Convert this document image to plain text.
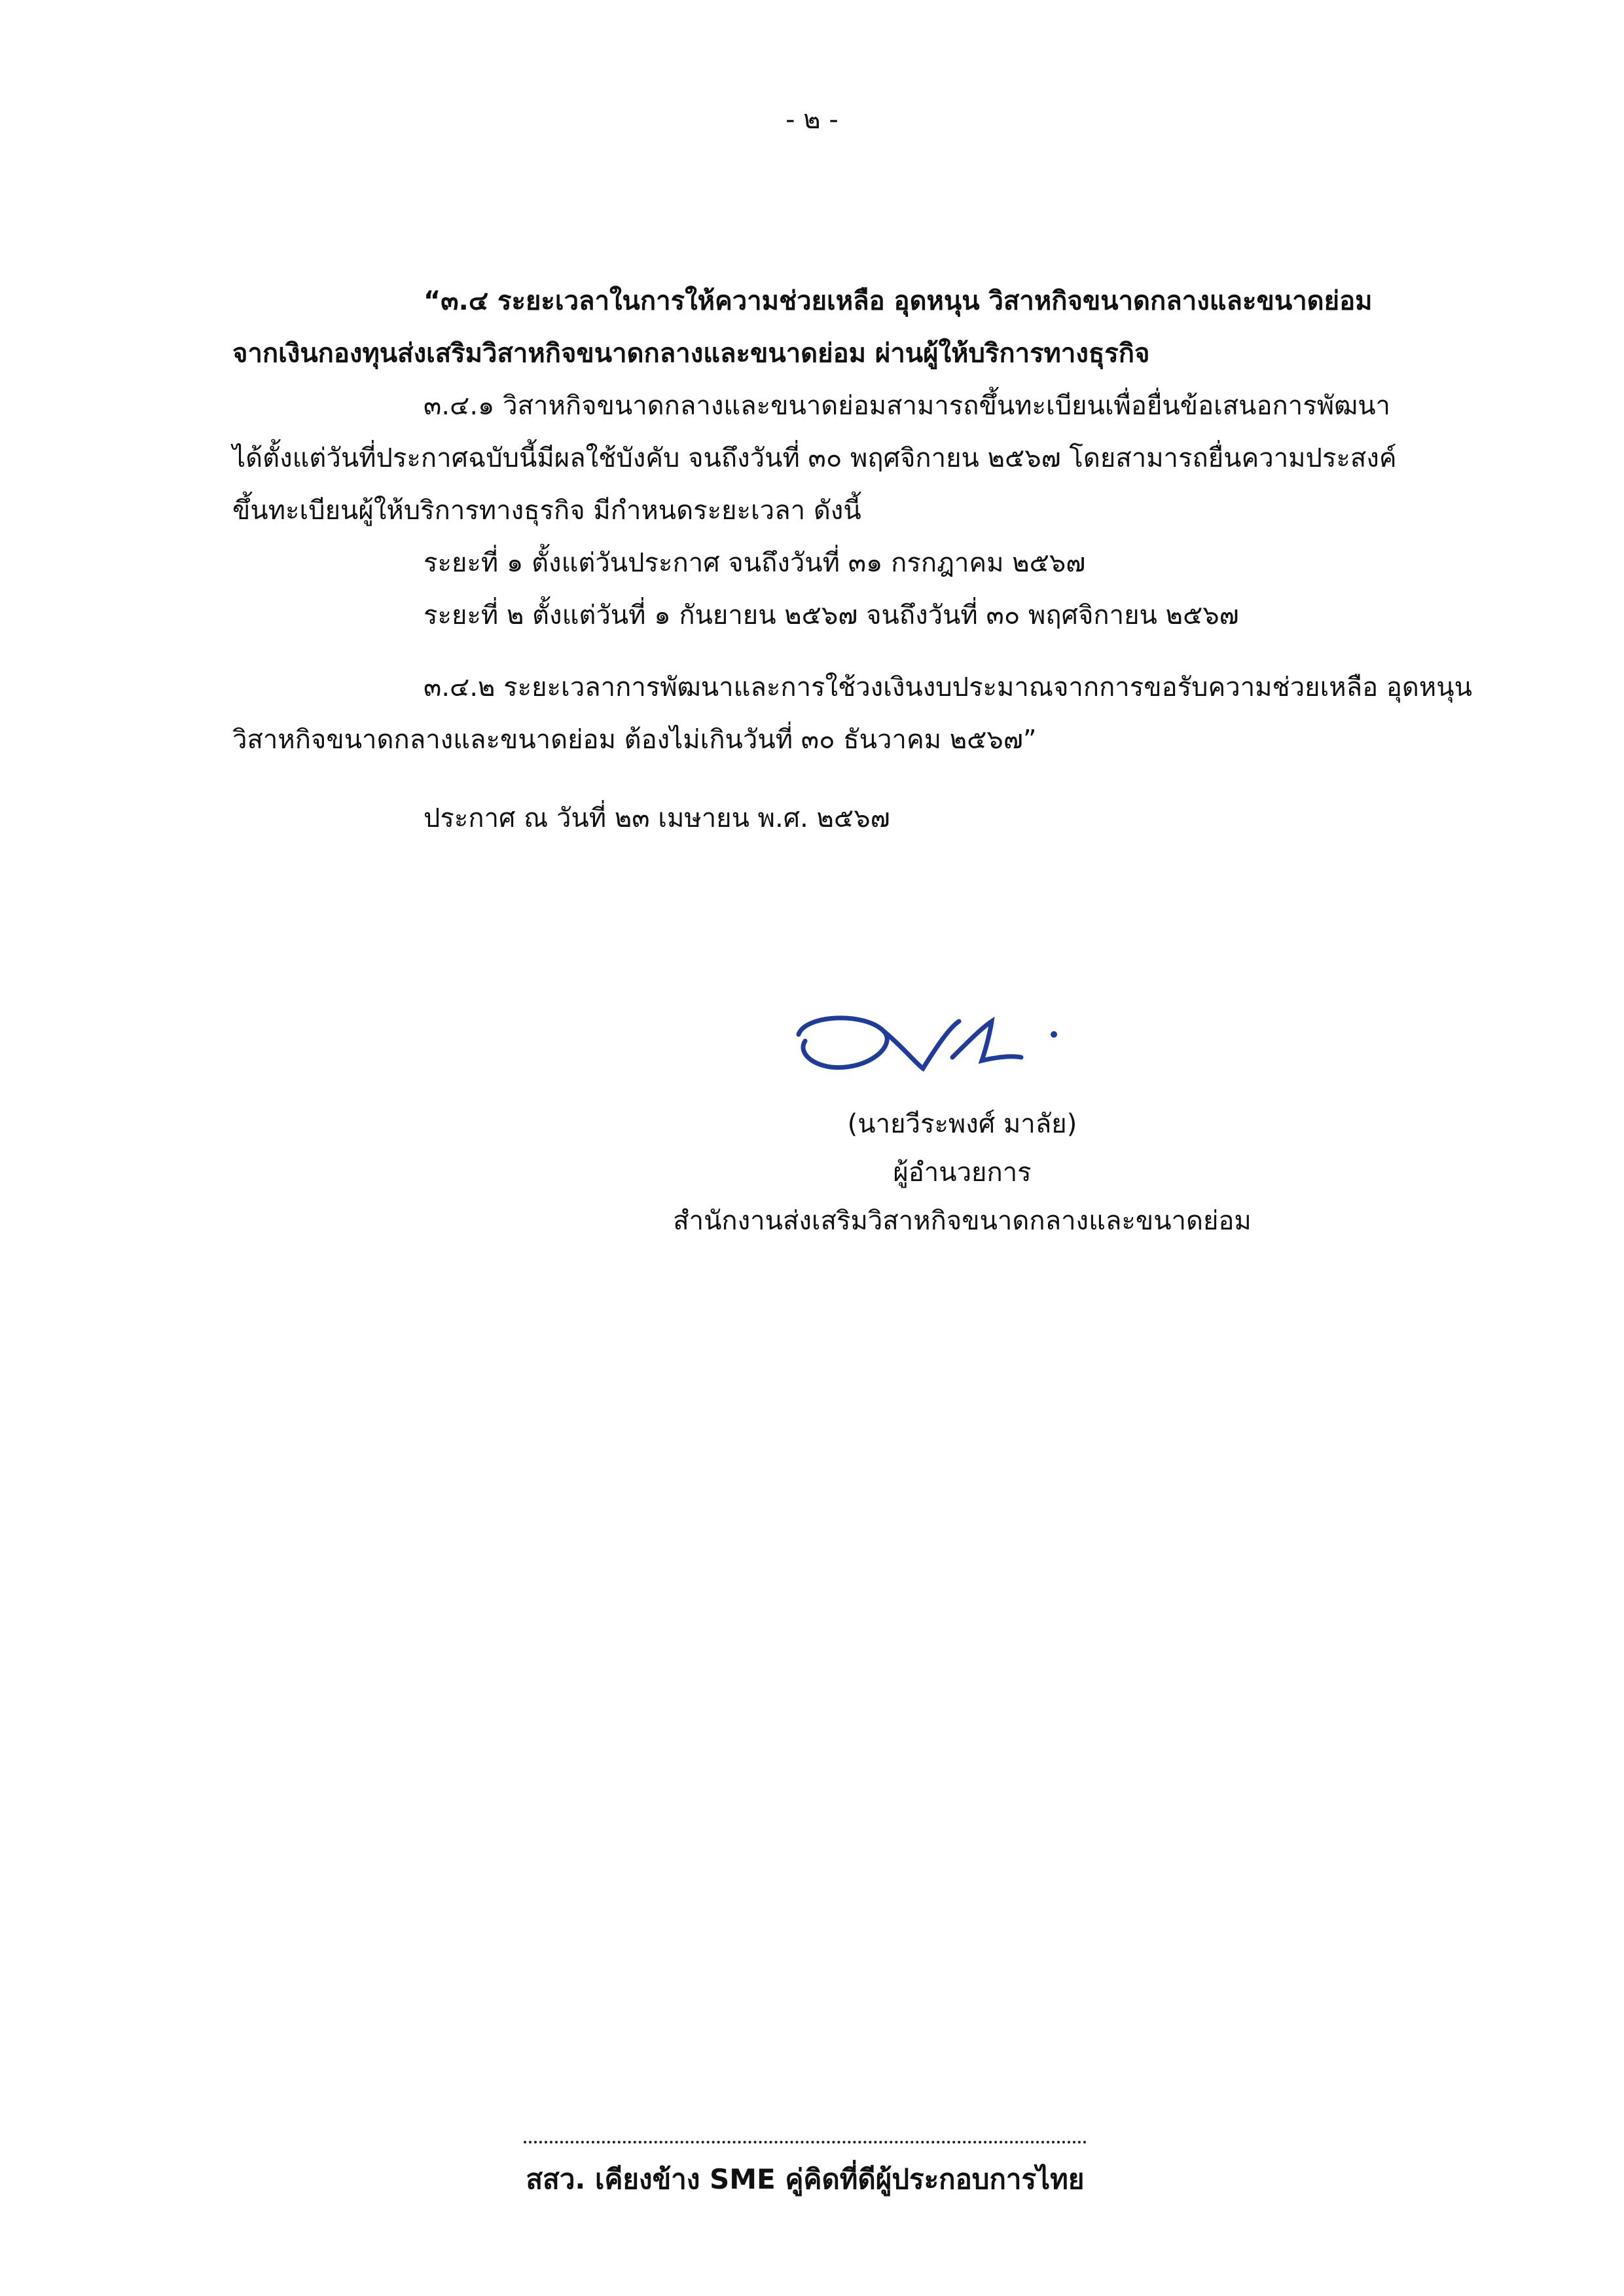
- ๒ -
“๓.๔ ระยะเวลาในการให้ความช่วยเหลือ อุดหนุน วิสาหกิจขนาดกลางและขนาดย่อม
จากเงินกองทุนส่งเสริมวิสาหกิจขนาดกลางและขนาดย่อม ผ่านผู้ให้บริการทางธุรกิจ
๓.๔.๑ วิสาหกิจขนาดกลางและขนาดย่อมสามารถขึ้นทะเบียนเพื่อยื่นข้อเสนอการพัฒนา
ได้ตั้งแต่วันที่ประกาศฉบับนี้มีผลใช้บังคับ จนถึงวันที่ ๓๐ พฤศจิกายน ๒๕๖๗ โดยสามารถยื่นความประสงค์
ขึ้นทะเบียนผู้ให้บริการทางธุรกิจ มีกำหนดระยะเวลา ดังนี้
ระยะที่ ๑ ตั้งแต่วันประกาศ จนถึงวันที่ ๓๑ กรกฎาคม ๒๕๖๗
ระยะที่ ๒ ตั้งแต่วันที่ ๑ กันยายน ๒๕๖๗ จนถึงวันที่ ๓๐ พฤศจิกายน ๒๕๖๗
๓.๔.๒ ระยะเวลาการพัฒนาและการใช้วงเงินงบประมาณจากการขอรับความช่วยเหลือ อุดหนุน
วิสาหกิจขนาดกลางและขนาดย่อม ต้องไม่เกินวันที่ ๓๐ ธันวาคม ๒๕๖๗”
ประกาศ ณ วันที่ ๒๓ เมษายน พ.ศ. ๒๕๖๗
(นายวีระพงศ์ มาลัย)
ผู้อำนวยการ
สำนักงานส่งเสริมวิสาหกิจขนาดกลางและขนาดย่อม
สสว. เคียงข้าง SME คู่คิดที่ดีผู้ประกอบการไทย
